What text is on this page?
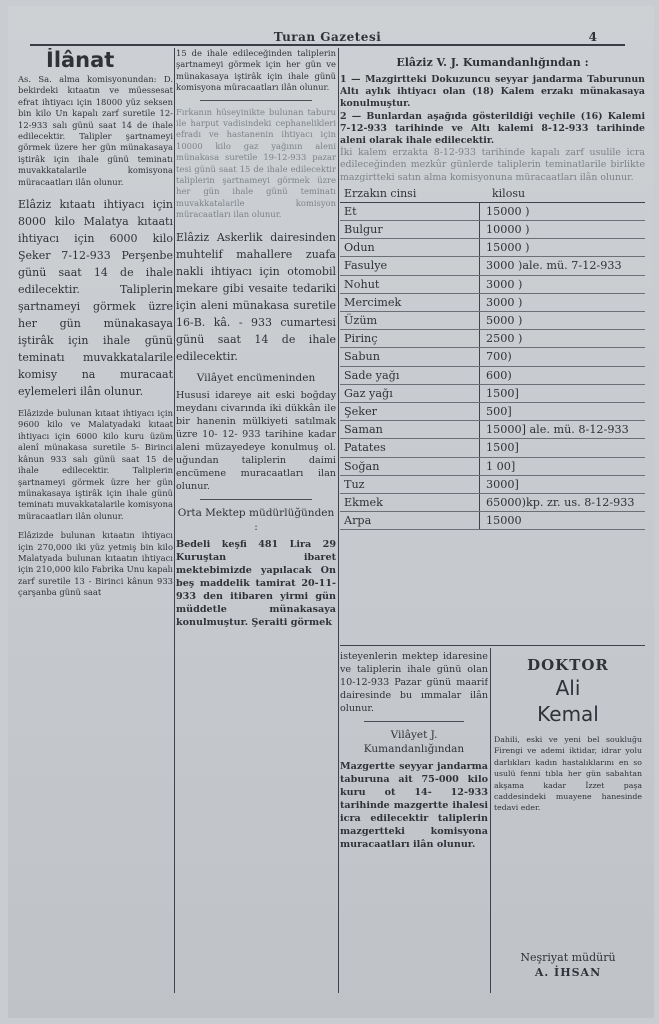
Turan Gazetesi	4
İlânat
As. Sa. alma komisyonundan: D. bekirdeki kıtaatın ve müessesat efrat ihtiyacı için 18000 yüz seksen bin kilo Un kapalı zarf suretile 12-12-933 salı günü saat 14 de ihale edilecektir. Talipler şartnameyi görmek üzere her gün münakasaya iştirâk için ihale günü teminatı muvakkatalarile komisyona müracaatları ilân olunur.
Elâziz kıtaatı ihtiyacı için 8000 kilo Malatya kıtaatı ihtiyacı için 6000 kilo Şeker 7-12-933 Perşenbe günü saat 14 de ihale edilecektir. Taliplerin şartnameyi görmek üzre her gün münakasaya iştirâk için ihale günü teminatı muvakkatalarile komisy na muracaat eylemeleri ilân olunur.
Elâzizde bulunan kıtaat ihtiyacı için 9600 kilo ve Malatyadaki kıtaat ihtiyacı için 6000 kilo kuru üzüm alenî münakasa suretile 5- Birinci kânun 933 salı günü saat 15 de ihale edilecektir. Taliplerin şartnameyi görmek üzre her gün münakasaya iştirâk için ihale günü teminatı muvakkatalarile komisyona müracaatları ilân olunur.
Elâzizde bulunan kıtaatın ihtiyacı için 270,000 iki yüz yetmiş bin kilo Malatyada bulunan kıtaatın ihtiyacı için 210,000 kilo Fabrika Unu kapalı zarf suretile 13 - Birinci kânun 933 çarşanba günü saat
15 de ihale edileceğinden taliplerin şartnameyi görmek için her gün ve münakasaya iştirâk için ihale günü komisyona müracaatları ilân olunur.
Fırkanın hüseyinikte bulunan taburu ile harput vadisindeki cephanelikleri efradı ve hastanenin ihtiyacı için 10000 kilo gaz yağının aleni münakasa suretile 19-12-933 pazar tesi günü saat 15 de ihale edilecektir taliplerin şartnameyi görmek üzre her gün ihale günü teminatı muvakkatalarile komisyon müracaatları ilan olunur.
Elâziz Askerlik dairesinden muhtelif mahallere zuafa nakli ihtiyacı için otomobil mekare gibi vesaite tedariki için aleni münakasa suretile 16-B. kâ. - 933 cumartesi günü saat 14 de ihale edilecektir.
Vilâyet encümeninden
Hususi idareye ait eski boğday meydanı civarında iki dükkân ile bir hanenin mülkiyeti satılmak üzre 10- 12- 933 tarihine kadar aleni müzayedeye konulmuş ol. uğundan taliplerin daimi encümene muracaatları ilan olunur.
Orta Mektep müdürlüğünden :
Bedeli keşfi 481 Lira 29 Kuruştan ibaret mektebimizde yapılacak On beş maddelik tamirat 20-11-933 den itibaren yirmi gün müddetle münakasaya konulmuştur. Şeraiti görmek
Elâziz V. J. Kumandanlığından :
1 — Mazgirtteki Dokuzuncu seyyar jandarma Taburunun Altı aylık ihtiyacı olan (18) Kalem erzakı münakasaya konulmuştur.
2 — Bunlardan aşağıda gösterildiği veçhile (16) Kalemi 7-12-933 tarihinde ve Altı kalemi 8-12-933 tarihinde aleni olarak ihale edilecektir.
İki kalem erzakta 8-12-933 tarihinde kapalı zarf usulile icra edileceğinden mezkûr günlerde taliplerin teminatlarile birlikte mazgirtteki satın alma komisyonuna müracaatları ilân olunur.
Erzakın cinsi	kilosu
Et	15000 )
Bulgur	10000 )
Odun	15000 )
Fasulye	3000 )ale. mü. 7-12-933
Nohut	3000 )
Mercimek	3000 )
Üzüm	5000 )
Pirinç	2500 )
Sabun	700)
Sade yağı	600)
Gaz yağı	1500]
Şeker	500]
Saman	15000] ale. mü. 8-12-933
Patates	1500]
Soğan	1 00]
Tuz	3000]
Ekmek	65000)kp. zr. us. 8-12-933
Arpa	15000
isteyenlerin mektep idaresine ve taliplerin ihale günü olan 10-12-933 Pazar günü maarif dairesinde bu ımmalar ilân olunur.
Vilâyet J. Kumandanlığından
Mazgertte seyyar jandarma taburuna ait 75-000 kilo kuru ot 14- 12-933 tarihinde mazgertte ihalesi icra edilecektir taliplerin mazgertteki komisyona muracaatları ilân olunur.
DOKTOR
Ali
Kemal
Dahili, eski ve yeni bel soukluğu Firengi ve ademi iktidar, idrar yolu darlıkları kadın hastalıklarını en so usulü fenni tıbla her gün sabahtan akşama kadar İzzet paşa caddesindeki muayene hanesinde tedavi eder.
Neşriyat müdürü
A. İHSAN
